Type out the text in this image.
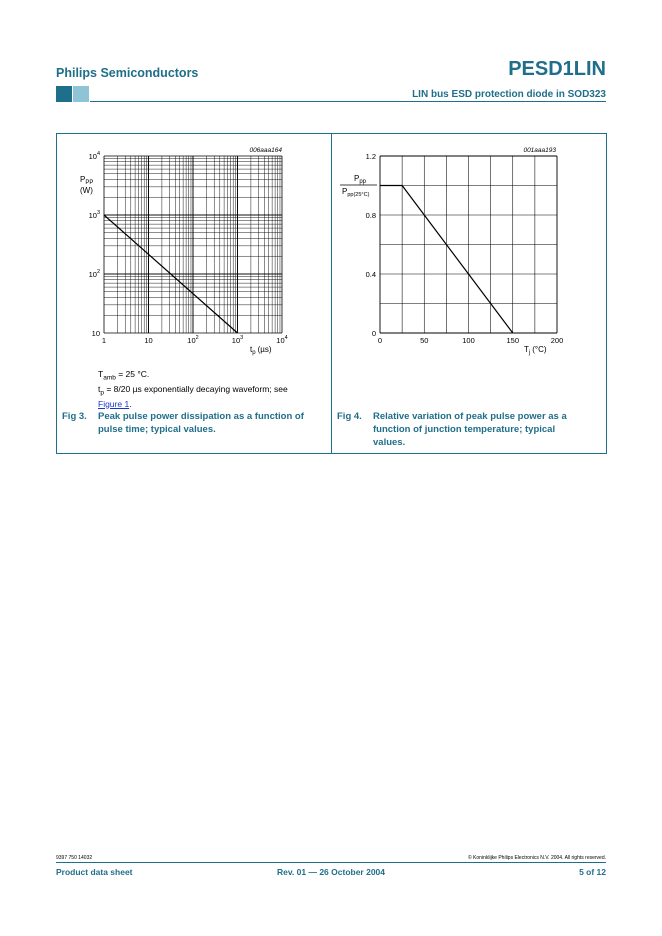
Philips Semiconductors	PESD1LIN
LIN bus ESD protection diode in SOD323
1	10	$10^2$	$10^3$	$10^4$
10
$10^2$
$10^3$
$10^4$	006aaa164
$P_{PP}$
(W)
$t_p$ (µs)
$T_{amb} = 25$ °C.
$t_p = 8/20$ µs exponentially decaying waveform; see
Figure 1.
Fig 3. Peak pulse power dissipation as a function of
pulse time; typical values.
0	50	100	150	200
0
0.4
0.8
1.2
001aaa193
$P_{pp}$
$P_{pp(25^\circ C)}$
$T_j$ (°C)
Fig 4. Relative variation of peak pulse power as a
function of junction temperature; typical
values.
9397 750 14032	© Koninklijke Philips Electronics N.V. 2004. All rights reserved.
Product data sheet	Rev. 01 — 26 October 2004	5 of 12
